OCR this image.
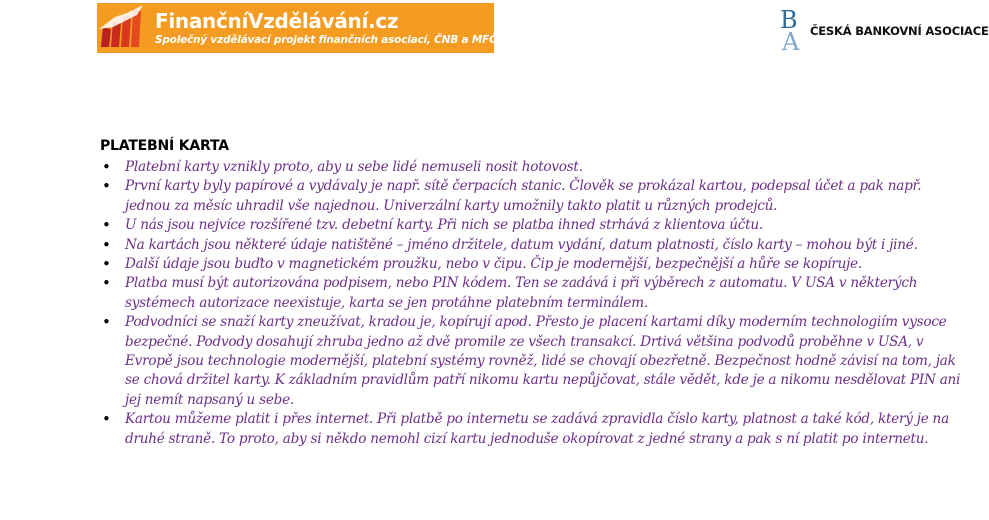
FinančníVzdělávání.cz
Společný vzdělávací projekt finančních asociací, ČNB a MFČR
B
A ČESKÁ BANKOVNÍ ASOCIACE
PLATEBNÍ KARTA
• Platební karty vznikly proto, aby u sebe lidé nemuseli nosit hotovost.
• První karty byly papírové a vydávaly je např. sítě čerpacích stanic. Člověk se prokázal kartou, podepsal účet a pak např. jednou za měsíc uhradil vše najednou. Univerzální karty umožnily takto platit u různých prodejců.
• U nás jsou nejvíce rozšířené tzv. debetní karty. Při nich se platba ihned strhává z klientova účtu.
• Na kartách jsou některé údaje natištěné – jméno držitele, datum vydání, datum platnosti, číslo karty – mohou být i jiné.
• Další údaje jsou buďto v magnetickém proužku, nebo v čipu. Čip je modernější, bezpečnější a hůře se kopíruje.
• Platba musí být autorizována podpisem, nebo PIN kódem. Ten se zadává i při výběrech z automatu. V USA v některých systémech autorizace neexistuje, karta se jen protáhne platebním terminálem.
• Podvodníci se snaží karty zneužívat, kradou je, kopírují apod. Přesto je placení kartami díky moderním technologiím vysoce bezpečné. Podvody dosahují zhruba jedno až dvě promile ze všech transakcí. Drtivá většina podvodů proběhne v USA, v Evropě jsou technologie modernější, platební systémy rovněž, lidé se chovají obezřetně. Bezpečnost hodně závisí na tom, jak se chová držitel karty. K základním pravidlům patří nikomu kartu nepůjčovat, stále vědět, kde je a nikomu nesdělovat PIN ani jej nemít napsaný u sebe.
• Kartou můžeme platit i přes internet. Při platbě po internetu se zadává zpravidla číslo karty, platnost a také kód, který je na druhé straně. To proto, aby si někdo nemohl cizí kartu jednoduše okopírovat z jedné strany a pak s ní platit po internetu.
